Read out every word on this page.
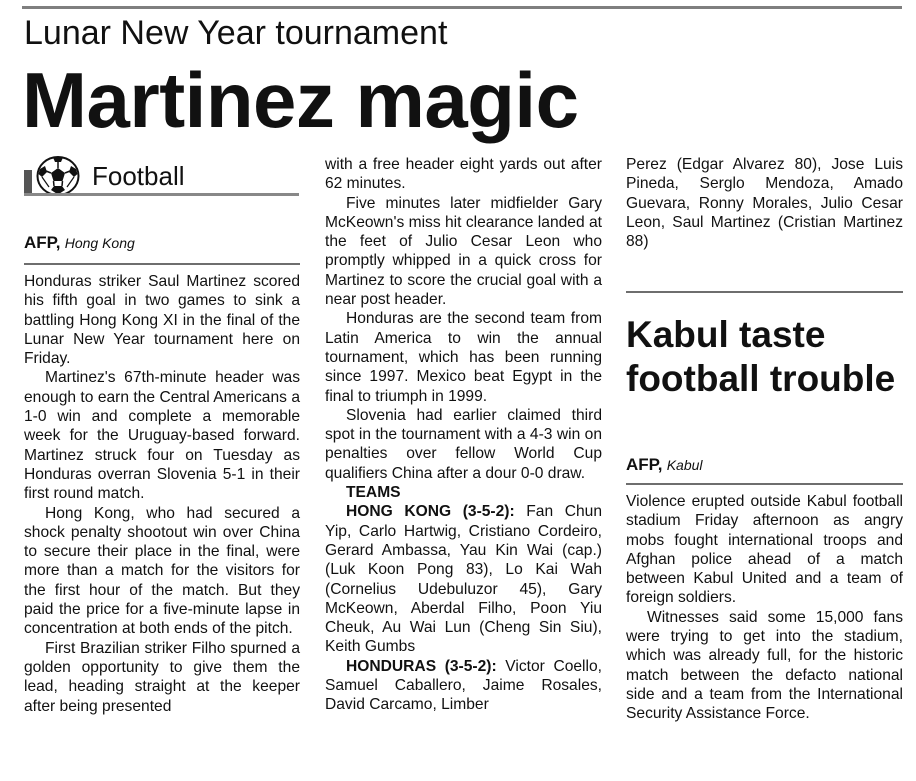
Lunar New Year tournament
Martinez magic
Football
AFP, Hong Kong

Honduras striker Saul Martinez scored his fifth goal in two games to sink a battling Hong Kong XI in the final of the Lunar New Year tournament here on Friday.

Martinez's 67th-minute header was enough to earn the Central Americans a 1-0 win and complete a memorable week for the Uruguay-based forward. Martinez struck four on Tuesday as Honduras overran Slovenia 5-1 in their first round match.

Hong Kong, who had secured a shock penalty shootout win over China to secure their place in the final, were more than a match for the visitors for the first hour of the match. But they paid the price for a five-minute lapse in concentration at both ends of the pitch.

First Brazilian striker Filho spurned a golden opportunity to give them the lead, heading straight at the keeper after being presented

with a free header eight yards out after 62 minutes.

Five minutes later midfielder Gary McKeown's miss hit clearance landed at the feet of Julio Cesar Leon who promptly whipped in a quick cross for Martinez to score the crucial goal with a near post header.

Honduras are the second team from Latin America to win the annual tournament, which has been running since 1997. Mexico beat Egypt in the final to triumph in 1999.

Slovenia had earlier claimed third spot in the tournament with a 4-3 win on penalties over fellow World Cup qualifiers China after a dour 0-0 draw.

TEAMS

HONG KONG (3-5-2): Fan Chun Yip, Carlo Hartwig, Cristiano Cordeiro, Gerard Ambassa, Yau Kin Wai (cap.) (Luk Koon Pong 83), Lo Kai Wah (Cornelius Udebuluzor 45), Gary McKeown, Aberdal Filho, Poon Yiu Cheuk, Au Wai Lun (Cheng Sin Siu), Keith Gumbs

HONDURAS (3-5-2): Victor Coello, Samuel Caballero, Jaime Rosales, David Carcamo, Limber

Perez (Edgar Alvarez 80), Jose Luis Pineda, Serglo Mendoza, Amado Guevara, Ronny Morales, Julio Cesar Leon, Saul Martinez (Cristian Martinez 88)

Kabul taste football trouble
AFP, Kabul

Violence erupted outside Kabul football stadium Friday afternoon as angry mobs fought international troops and Afghan police ahead of a match between Kabul United and a team of foreign soldiers.

Witnesses said some 15,000 fans were trying to get into the stadium, which was already full, for the historic match between the defacto national side and a team from the International Security Assistance Force.
